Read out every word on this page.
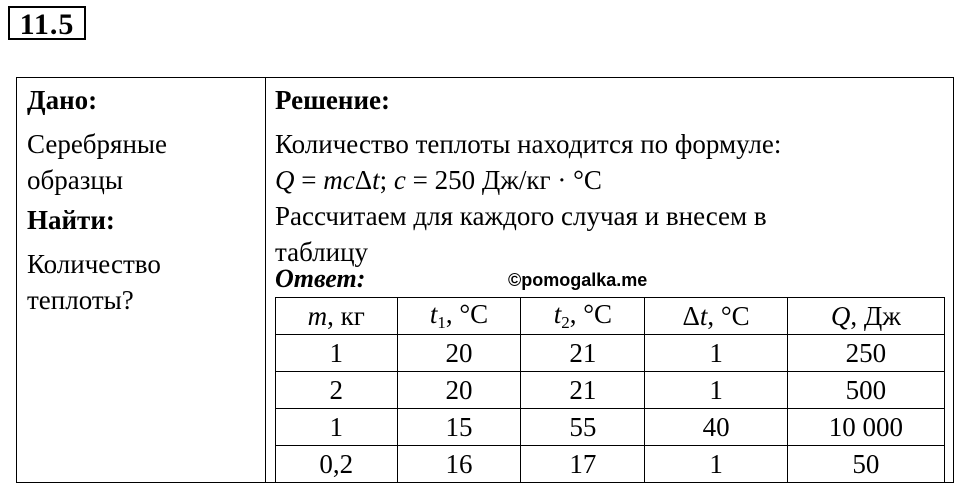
11.5
Дано:
Серебряные
образцы
Найти:
Количество
теплоты?
Решение:
Количество теплоты находится по формуле:
Q = mcΔt; c = 250 Дж/кг · °С
Рассчитаем для каждого случая и внесем в
таблицу
Ответ:	©pomogalka.me
m, кг	$t_1$, °С	$t_2$, °С	Δt, °С	Q, Дж
1	20	21	1	250
2	20	21	1	500
1	15	55	40	10 000
0,2	16	17	1	50
